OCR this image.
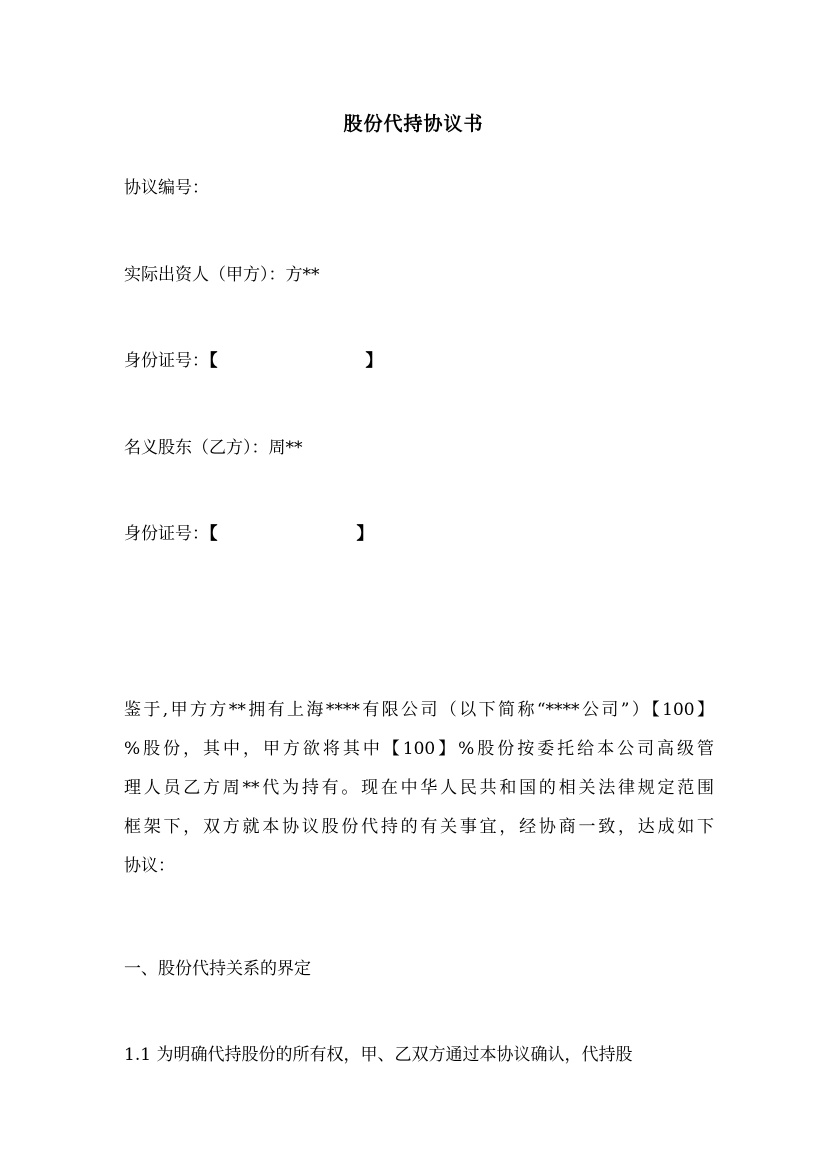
股份代持协议书
协议编号：
实际出资人（甲方）：方**
身份证号：【	】
名义股东（乙方）：周**
身份证号：【	】
鉴于,甲方方**拥有上海****有限公司（以下简称“****公司”）【100】
%股份，其中，甲方欲将其中【100】%股份按委托给本公司高级管
理人员乙方周**代为持有。现在中华人民共和国的相关法律规定范围
框架下，双方就本协议股份代持的有关事宜，经协商一致，达成如下
协议：
一、股份代持关系的界定
1.1 为明确代持股份的所有权，甲、乙双方通过本协议确认，代持股
